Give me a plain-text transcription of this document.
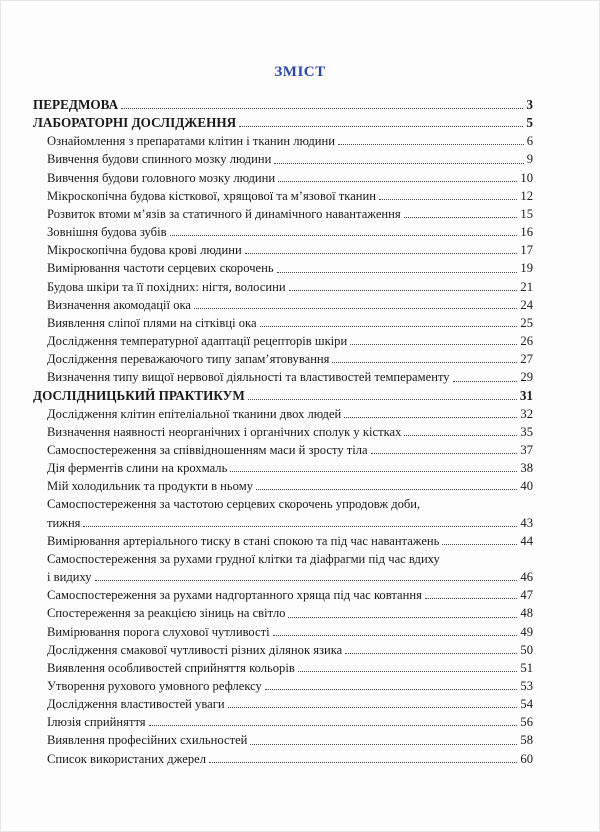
ЗМІСТ
ПЕРЕДМОВА	3
ЛАБОРАТОРНІ ДОСЛІДЖЕННЯ	5
Ознайомлення з препаратами клітин і тканин людини	6
Вивчення будови спинного мозку людини	9
Вивчення будови головного мозку людини	10
Мікроскопічна будова кісткової, хрящової та м’язової тканин	12
Розвиток втоми м’язів за статичного й динамічного навантаження	15
Зовнішня будова зубів	16
Мікроскопічна будова крові людини	17
Вимірювання частоти серцевих скорочень	19
Будова шкіри та її похідних: нігтя, волосини	21
Визначення акомодації ока	24
Виявлення сліпої плями на сітківці ока	25
Дослідження температурної адаптації рецепторів шкіри	26
Дослідження переважаючого типу запам’ятовування	27
Визначення типу вищої нервової діяльності та властивостей темпераменту	29
ДОСЛІДНИЦЬКИЙ ПРАКТИКУМ	31
Дослідження клітин епітеліальної тканини двох людей	32
Визначення наявності неорганічних і органічних сполук у кістках	35
Самоспостереження за співвідношенням маси й зросту тіла	37
Дія ферментів слини на крохмаль	38
Мій холодильник та продукти в ньому	40
Самоспостереження за частотою серцевих скорочень упродовж доби,
тижня	43
Вимірювання артеріального тиску в стані спокою та під час навантажень	44
Самоспостереження за рухами грудної клітки та діафрагми під час вдиху
і видиху	46
Самоспостереження за рухами надгортанного хряща під час ковтання	47
Спостереження за реакцією зіниць на світло	48
Вимірювання порога слухової чутливості	49
Дослідження смакової чутливості різних ділянок язика	50
Виявлення особливостей сприйняття кольорів	51
Утворення рухового умовного рефлексу	53
Дослідження властивостей уваги	54
Ілюзія сприйняття	56
Виявлення професійних схильностей	58
Список використаних джерел	60
